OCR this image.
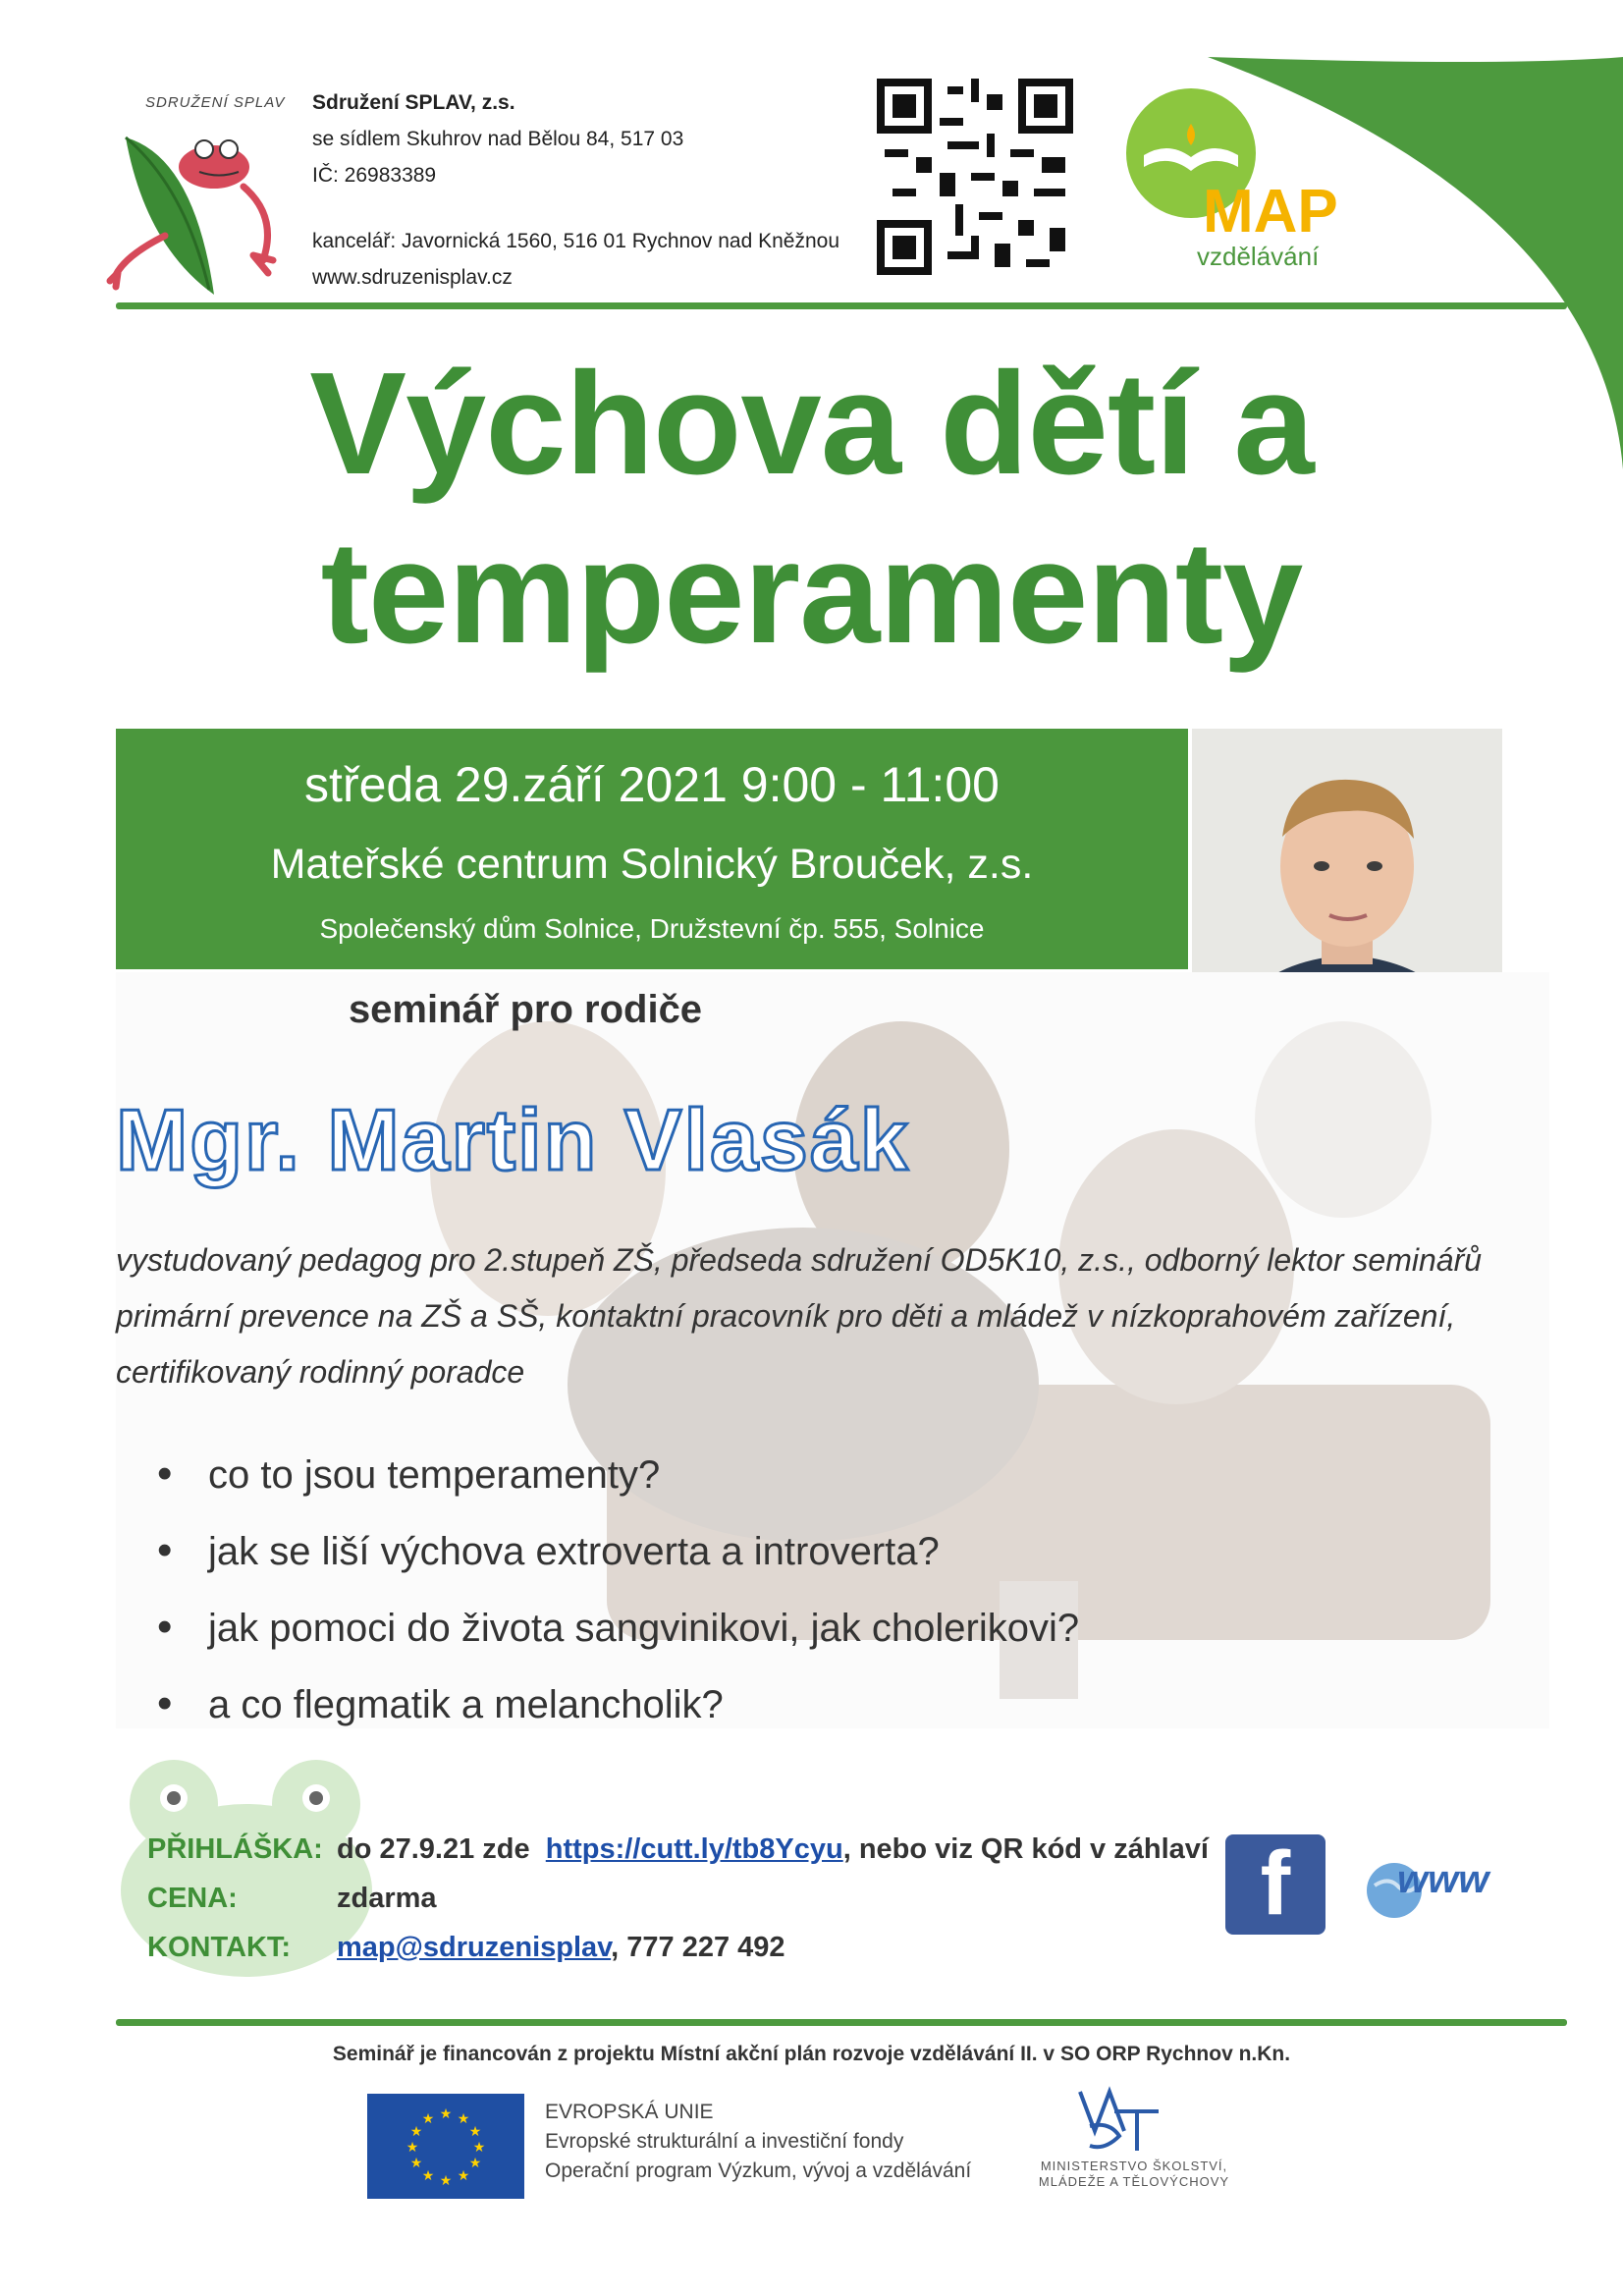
SDRUŽENÍ SPLAV Sdružení SPLAV, z.s.
se sídlem Skuhrov nad Bělou 84, 517 03
IČ: 26983389
kancelář: Javornická 1560, 516 01 Rychnov nad Kněžnou
www.sdruzenisplav.cz
MAP
vzdělávání
Výchova dětí a
temperamenty
středa 29.září 2021 9:00 - 11:00
Mateřské centrum Solnický Brouček, z.s.
Společenský dům Solnice, Družstevní čp. 555, Solnice
seminář pro rodiče
Mgr. Martin Vlasák
vystudovaný pedagog pro 2.stupeň ZŠ, předseda sdružení OD5K10, z.s., odborný lektor seminářů primární prevence na ZŠ a SŠ, kontaktní pracovník pro děti a mládež v nízkoprahovém zařízení, certifikovaný rodinný poradce
• co to jsou temperamenty?
• jak se liší výchova extroverta a introverta?
• jak pomoci do života sangvinikovi, jak cholerikovi?
• a co flegmatik a melancholik?
PŘIHLÁŠKA: do 27.9.21 zde https://cutt.ly/tb8Ycyu, nebo viz QR kód v záhlaví
CENA:	zdarma
KONTAKT: map@sdruzenisplav, 777 227 492
f	www
Seminář je financován z projektu Místní akční plán rozvoje vzdělávání II. v SO ORP Rychnov n.Kn.
★ ★
★
★
★
★
★
★
★
★
★
★	EVROPSKÁ UNIE
Evropské strukturální a investiční fondy
Operační program Výzkum, vývoj a vzdělávání	MINISTERSTVO ŠKOLSTVÍ,
MLÁDEŽE A TĚLOVÝCHOVY
